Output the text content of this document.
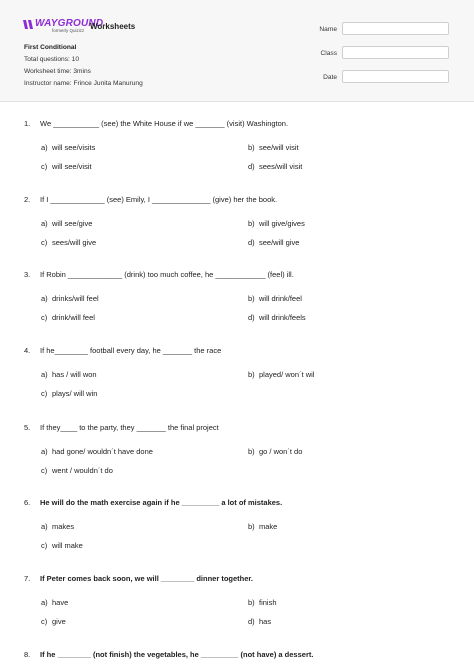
WAYGROUND
formerly Quizizz Worksheets
First Conditional
Total questions: 10
Worksheet time: 3mins
Instructor name: Frince Junita Manurung
Name
Class
Date
1. We ___________ (see) the White House if we _______ (visit) Washington.
a) will see/visits	b) see/will visit
c) will see/visit	d) sees/will visit
2. If I _____________ (see) Emily, I ______________ (give) her the book.
a) will see/give	b) will give/gives
c) sees/will give	d) see/will give
3. If Robin _____________ (drink) too much coffee, he ____________ (feel) ill.
a) drinks/will feel	b) will drink/feel
c) drink/will feel	d) will drink/feels
4. If he________ football every day, he _______ the race
a) has / will won	b) played/ won´t wil
c) plays/ will win
5. If they____ to the party, they _______ the final project
a) had gone/ wouldn´t have done	b) go / won´t do
c) went / wouldn´t do
6. He will do the math exercise again if he _________ a lot of mistakes.
a) makes	b) make
c) will make
7. If Peter comes back soon, we will ________ dinner together.
a) have	b) finish
c) give	d) has
8. If he ________ (not finish) the vegetables, he _________ (not have) a dessert.
